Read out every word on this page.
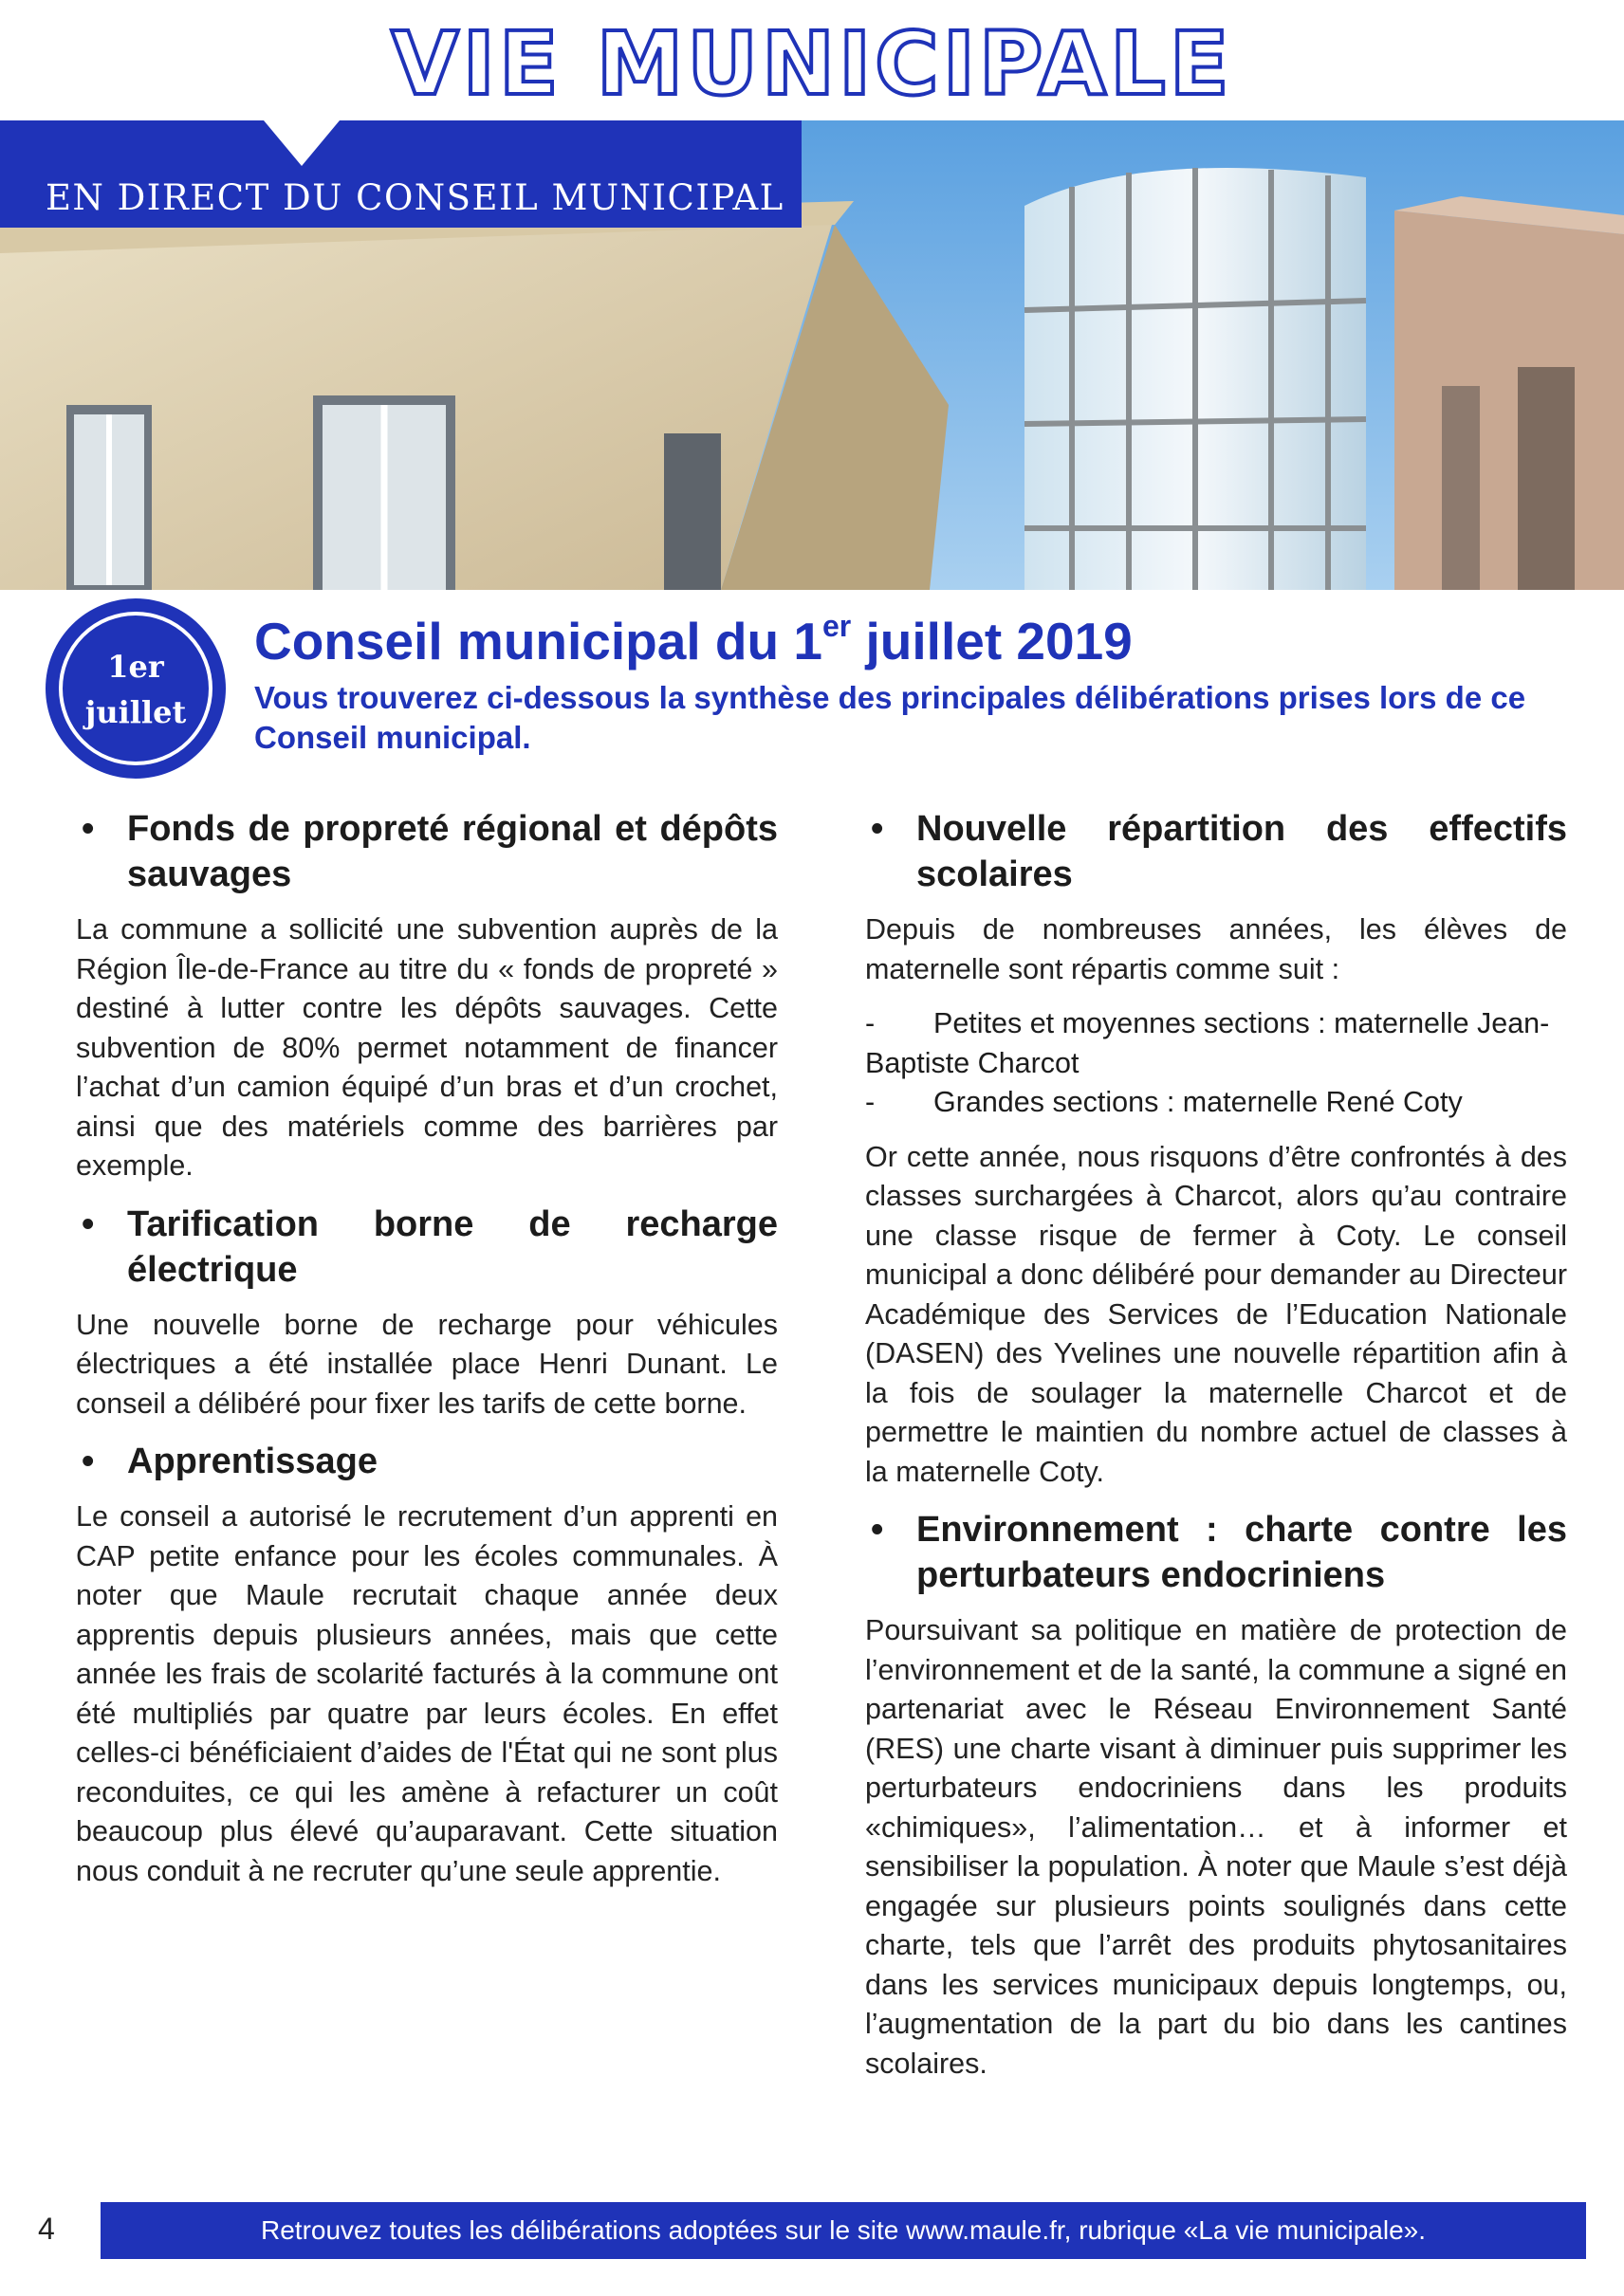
VIE MUNICIPALE
EN DIRECT DU CONSEIL MUNICIPAL
1er
juillet
Conseil municipal du 1er juillet 2019
Vous trouverez ci-dessous la synthèse des principales délibérations prises lors de ce Conseil municipal.
• Fonds de propreté régional et dépôts sauvages

La commune a sollicité une subvention auprès de la Région Île-de-France au titre du « fonds de propreté » destiné à lutter contre les dépôts sauvages. Cette subvention de 80% permet notamment de financer l’achat d’un camion équipé d’un bras et d’un crochet, ainsi que des matériels comme des barrières par exemple.

• Tarification borne de recharge électrique

Une nouvelle borne de recharge pour véhicules électriques a été installée place Henri Dunant. Le conseil a délibéré pour fixer les tarifs de cette borne.

• Apprentissage

Le conseil a autorisé le recrutement d’un apprenti en CAP petite enfance pour les écoles communales. À noter que Maule recrutait chaque année deux apprentis depuis plusieurs années, mais que cette année les frais de scolarité facturés à la commune ont été multipliés par quatre par leurs écoles. En effet celles-ci bénéficiaient d’aides de l'État qui ne sont plus reconduites, ce qui les amène à refacturer un coût beaucoup plus élevé qu’auparavant. Cette situation nous conduit à ne recruter qu’une seule apprentie.

• Nouvelle répartition des effectifs scolaires

Depuis de nombreuses années, les élèves de maternelle sont répartis comme suit :

- Petites et moyennes sections : maternelle Jean-Baptiste Charcot
- Grandes sections : maternelle René Coty

Or cette année, nous risquons d’être confrontés à des classes surchargées à Charcot, alors qu’au contraire une classe risque de fermer à Coty. Le conseil municipal a donc délibéré pour demander au Directeur Académique des Services de l’Education Nationale (DASEN) des Yvelines une nouvelle répartition afin à la fois de soulager la maternelle Charcot et de permettre le maintien du nombre actuel de classes à la maternelle Coty.

• Environnement : charte contre les perturbateurs endocriniens

Poursuivant sa politique en matière de protection de l’environnement et de la santé, la commune a signé en partenariat avec le Réseau Environnement Santé (RES) une charte visant à diminuer puis supprimer les perturbateurs endocriniens dans les produits «chimiques», l’alimentation… et à informer et sensibiliser la population. À noter que Maule s’est déjà engagée sur plusieurs points soulignés dans cette charte, tels que l’arrêt des produits phytosanitaires dans les services municipaux depuis longtemps, ou, l’augmentation de la part du bio dans les cantines scolaires.

4	Retrouvez toutes les délibérations adoptées sur le site www.maule.fr, rubrique «La vie municipale».
